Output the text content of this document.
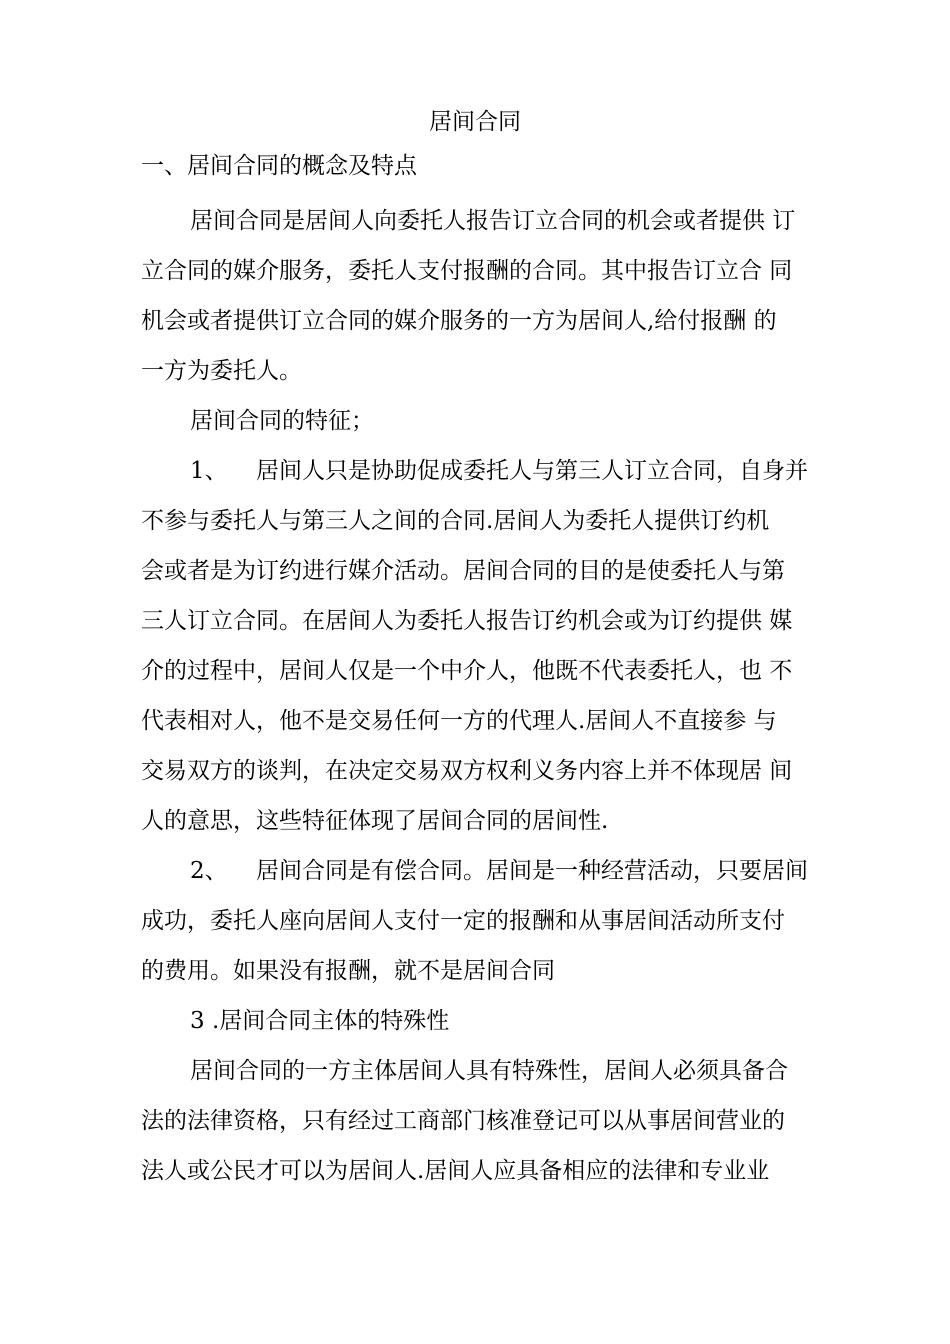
居间合同
一、居间合同的概念及特点
居间合同是居间人向委托人报告订立合同的机会或者提供 订
立合同的媒介服务，委托人支付报酬的合同。其中报告订立合 同
机会或者提供订立合同的媒介服务的一方为居间人,给付报酬 的
一方为委托人。
居间合同的特征；
1、 居间人只是协助促成委托人与第三人订立合同，自身并
不参与委托人与第三人之间的合同.居间人为委托人提供订约机
会或者是为订约进行媒介活动。居间合同的目的是使委托人与第
三人订立合同。在居间人为委托人报告订约机会或为订约提供 媒
介的过程中，居间人仅是一个中介人，他既不代表委托人，也 不
代表相对人，他不是交易任何一方的代理人.居间人不直接参 与
交易双方的谈判，在决定交易双方权利义务内容上并不体现居 间
人的意思，这些特征体现了居间合同的居间性.
2、 居间合同是有偿合同。居间是一种经营活动，只要居间
成功，委托人座向居间人支付一定的报酬和从事居间活动所支付
的费用。如果没有报酬，就不是居间合同
3 .居间合同主体的特殊性
居间合同的一方主体居间人具有特殊性，居间人必须具备合
法的法律资格，只有经过工商部门核准登记可以从事居间营业的
法人或公民才可以为居间人.居间人应具备相应的法律和专业业
